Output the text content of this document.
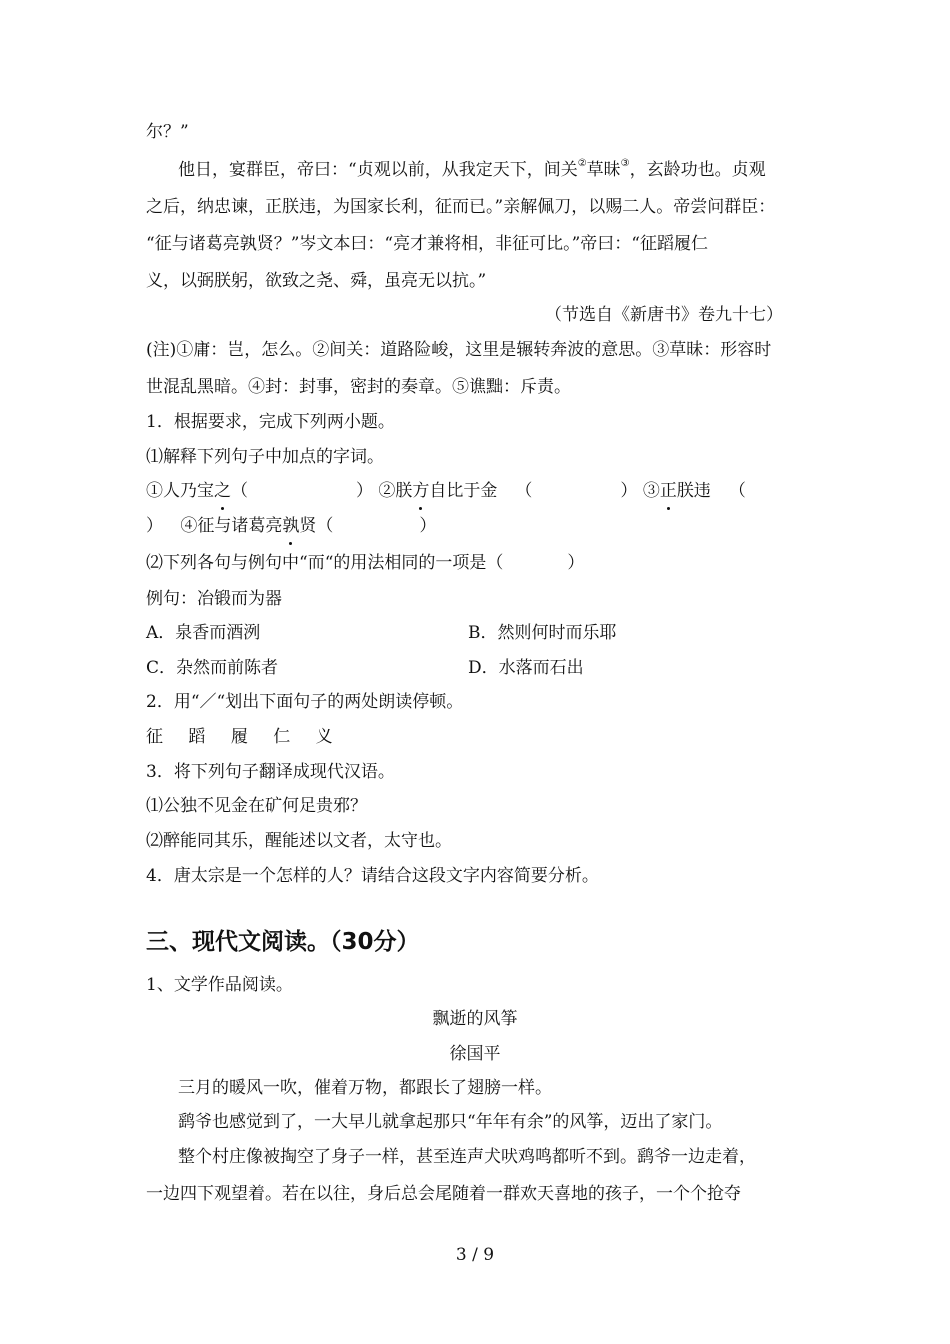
尔？”
他日，宴群臣，帝曰：“贞观以前，从我定天下，间关②草昧③，玄龄功也。贞观
之后，纳忠谏，正朕违，为国家长利，征而已。”亲解佩刀，以赐二人。帝尝问群臣：
“征与诸葛亮孰贤？”岑文本曰：“亮才兼将相，非征可比。”帝曰：“征蹈履仁
义，以弼朕躬，欲致之尧、舜，虽亮无以抗。”
（节选自《新唐书》卷九十七）
(注)①庸：岂，怎么。②间关：道路险峻，这里是辗转奔波的意思。③草昧：形容时
世混乱黑暗。④封：封事，密封的奏章。⑤谯黜：斥责。
1．根据要求，完成下列两小题。
⑴解释下列句子中加点的字词。
①人乃宝之（	） ②朕方自比于金 （	） ③正朕违 （
） ④征与诸葛亮孰贤（	）
⑵下列各句与例句中“而“的用法相同的一项是（	）
例句：冶锻而为器
A．泉香而酒洌	B．然则何时而乐耶
C．杂然而前陈者	D．水落而石出
2．用“／“划出下面句子的两处朗读停顿。
征 蹈 履 仁 义
3．将下列句子翻译成现代汉语。
⑴公独不见金在矿何足贵邪？
⑵醉能同其乐，醒能述以文者，太守也。
4．唐太宗是一个怎样的人？请结合这段文字内容简要分析。
三、现代文阅读。（30分）
1、文学作品阅读。
飘逝的风筝
徐国平
三月的暖风一吹，催着万物，都跟长了翅膀一样。
鹞爷也感觉到了，一大早儿就拿起那只“年年有余”的风筝，迈出了家门。
整个村庄像被掏空了身子一样，甚至连声犬吠鸡鸣都听不到。鹞爷一边走着，
一边四下观望着。若在以往，身后总会尾随着一群欢天喜地的孩子，一个个抢夺
3 / 9
